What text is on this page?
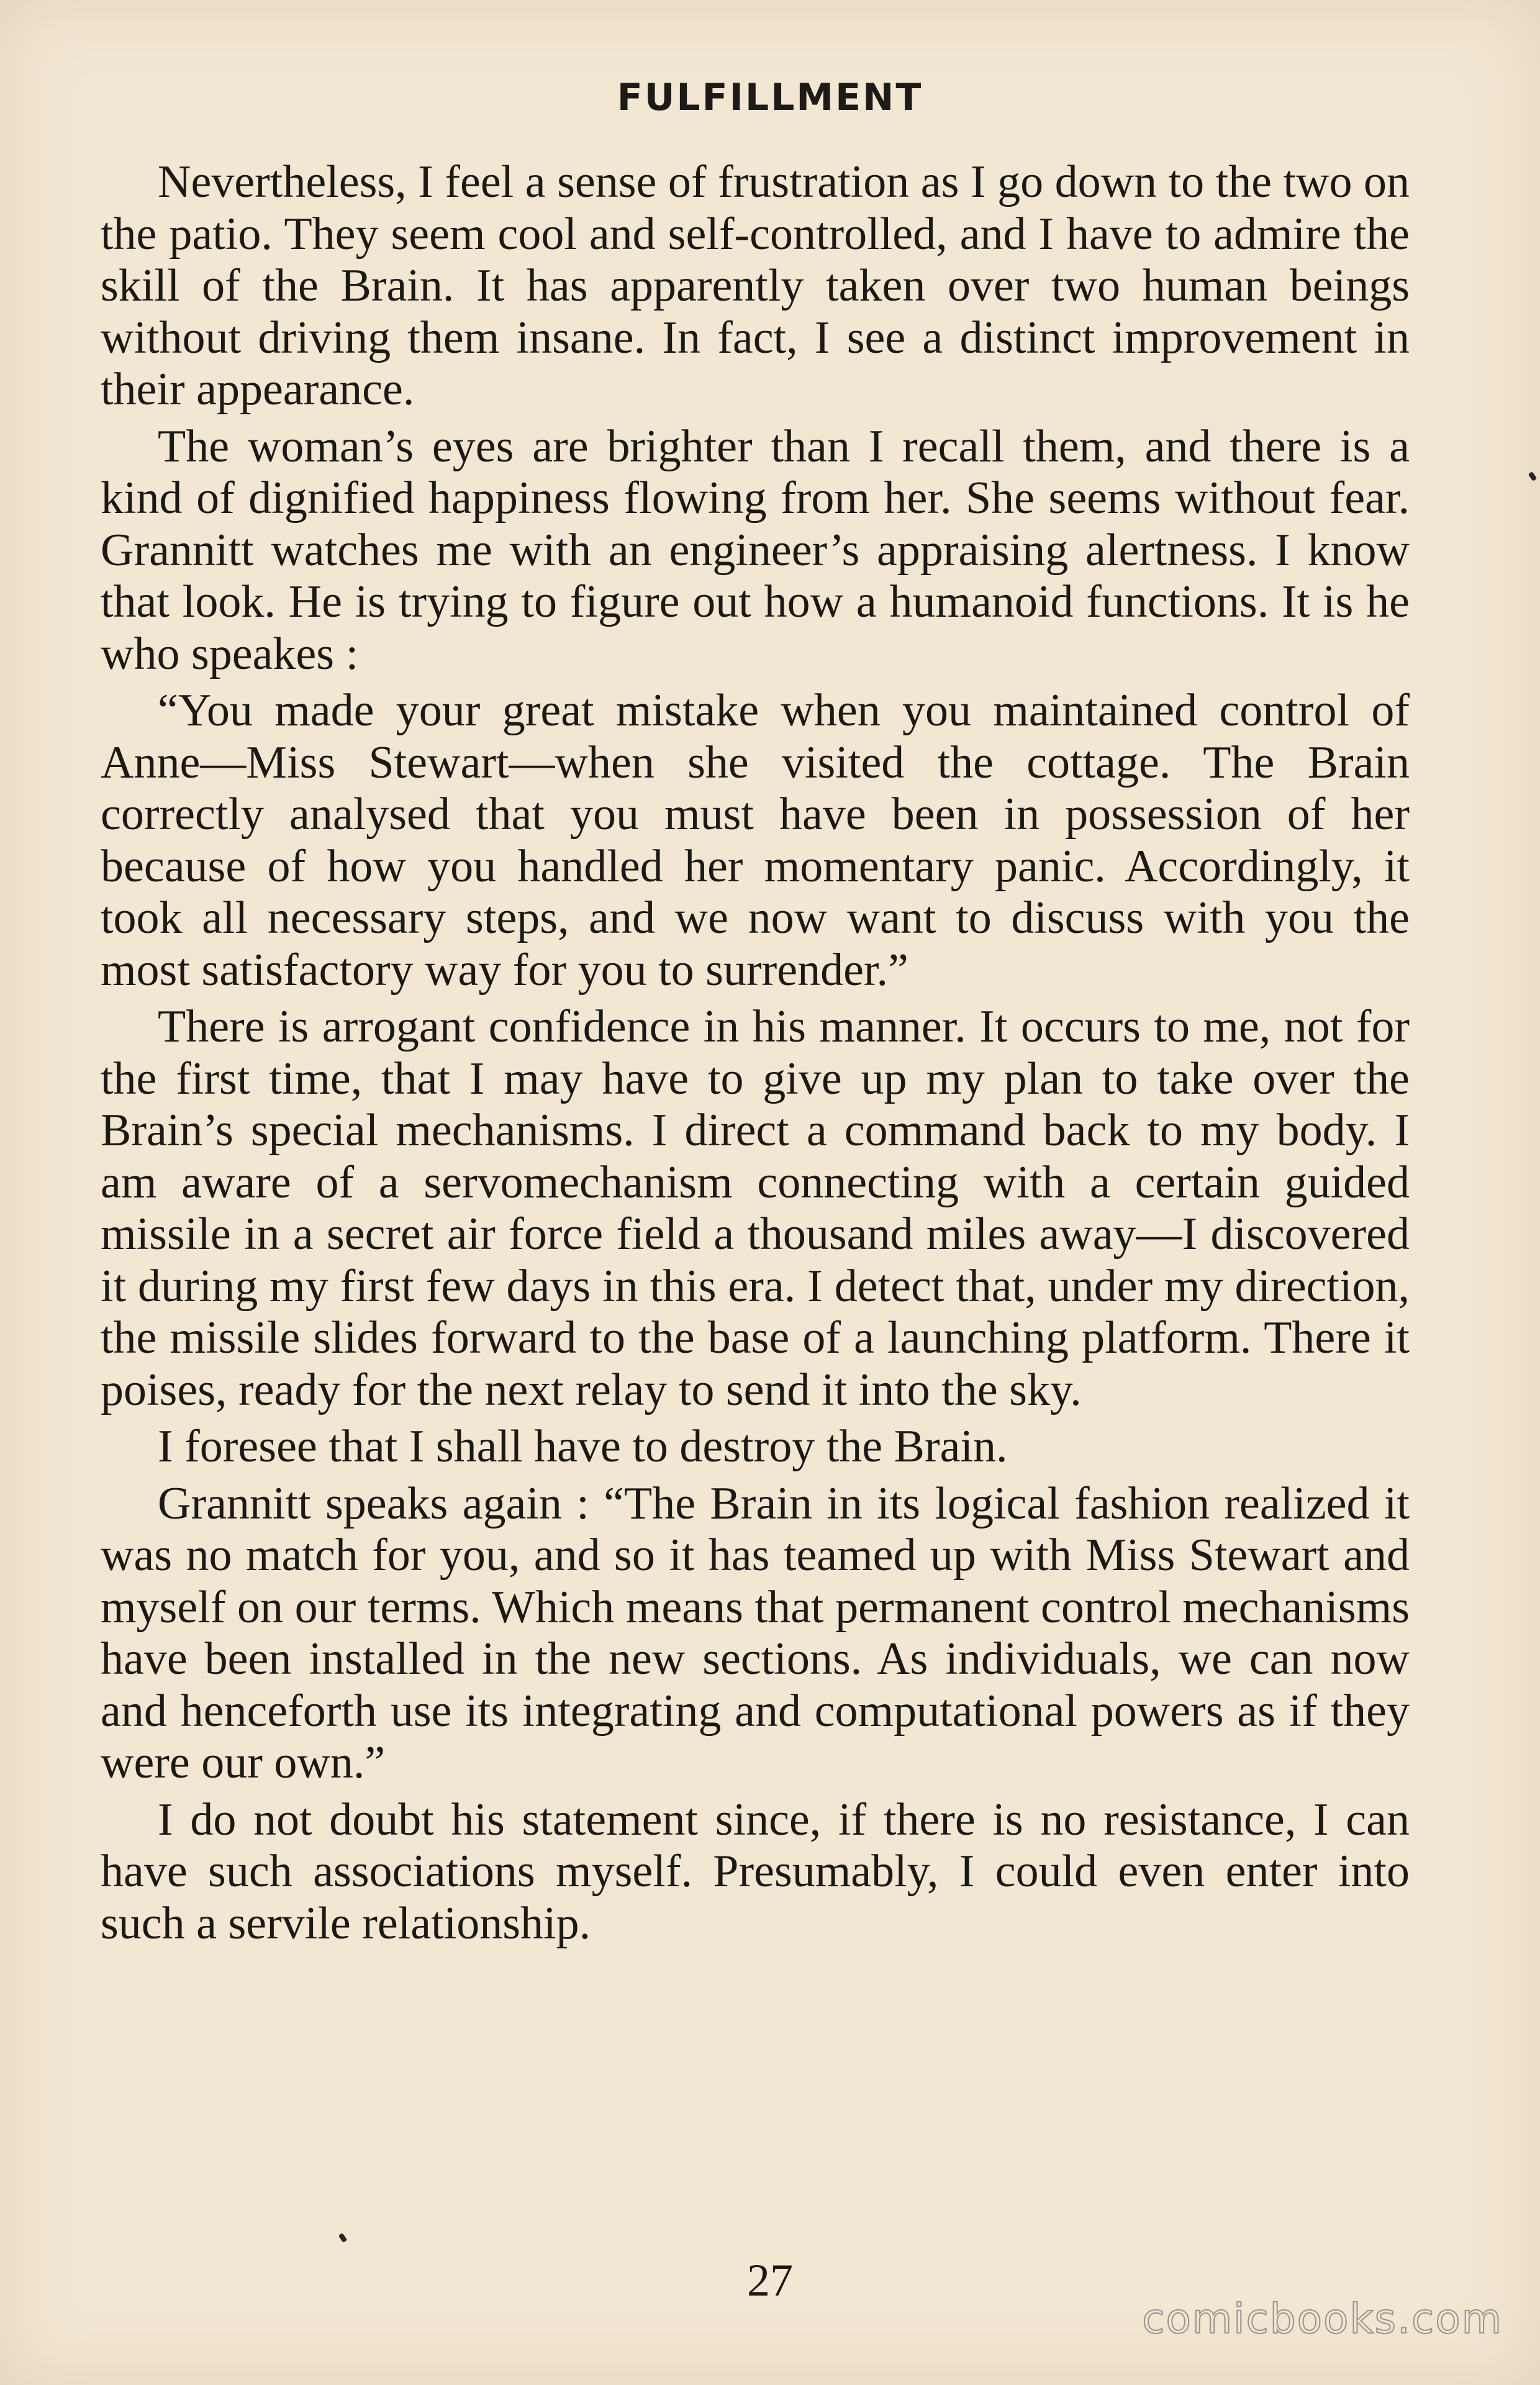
FULFILLMENT

Nevertheless, I feel a sense of frustration as I go down to the two on the patio. They seem cool and self-controlled, and I have to admire the skill of the Brain. It has apparently taken over two human beings without driving them insane. In fact, I see a distinct improvement in their appearance.

The woman’s eyes are brighter than I recall them, and there is a kind of dignified happiness flowing from her. She seems without fear. Grannitt watches me with an engineer’s appraising alertness. I know that look. He is trying to figure out how a humanoid functions. It is he who speakes :

“You made your great mistake when you maintained control of Anne—Miss Stewart—when she visited the cottage. The Brain correctly analysed that you must have been in possession of her because of how you handled her momentary panic. Accordingly, it took all necessary steps, and we now want to discuss with you the most satisfactory way for you to surrender.”

There is arrogant confidence in his manner. It occurs to me, not for the first time, that I may have to give up my plan to take over the Brain’s special mechanisms. I direct a command back to my body. I am aware of a servomechanism connecting with a certain guided missile in a secret air force field a thousand miles away—I discovered it during my first few days in this era. I detect that, under my direction, the missile slides forward to the base of a launching platform. There it poises, ready for the next relay to send it into the sky.

I foresee that I shall have to destroy the Brain.

Grannitt speaks again : “The Brain in its logical fashion realized it was no match for you, and so it has teamed up with Miss Stewart and myself on our terms. Which means that permanent control mechanisms have been installed in the new sections. As individuals, we can now and henceforth use its integrating and computational powers as if they were our own.”

I do not doubt his statement since, if there is no resistance, I can have such associations myself. Presumably, I could even enter into such a servile relationship.

27
comicbooks.com
